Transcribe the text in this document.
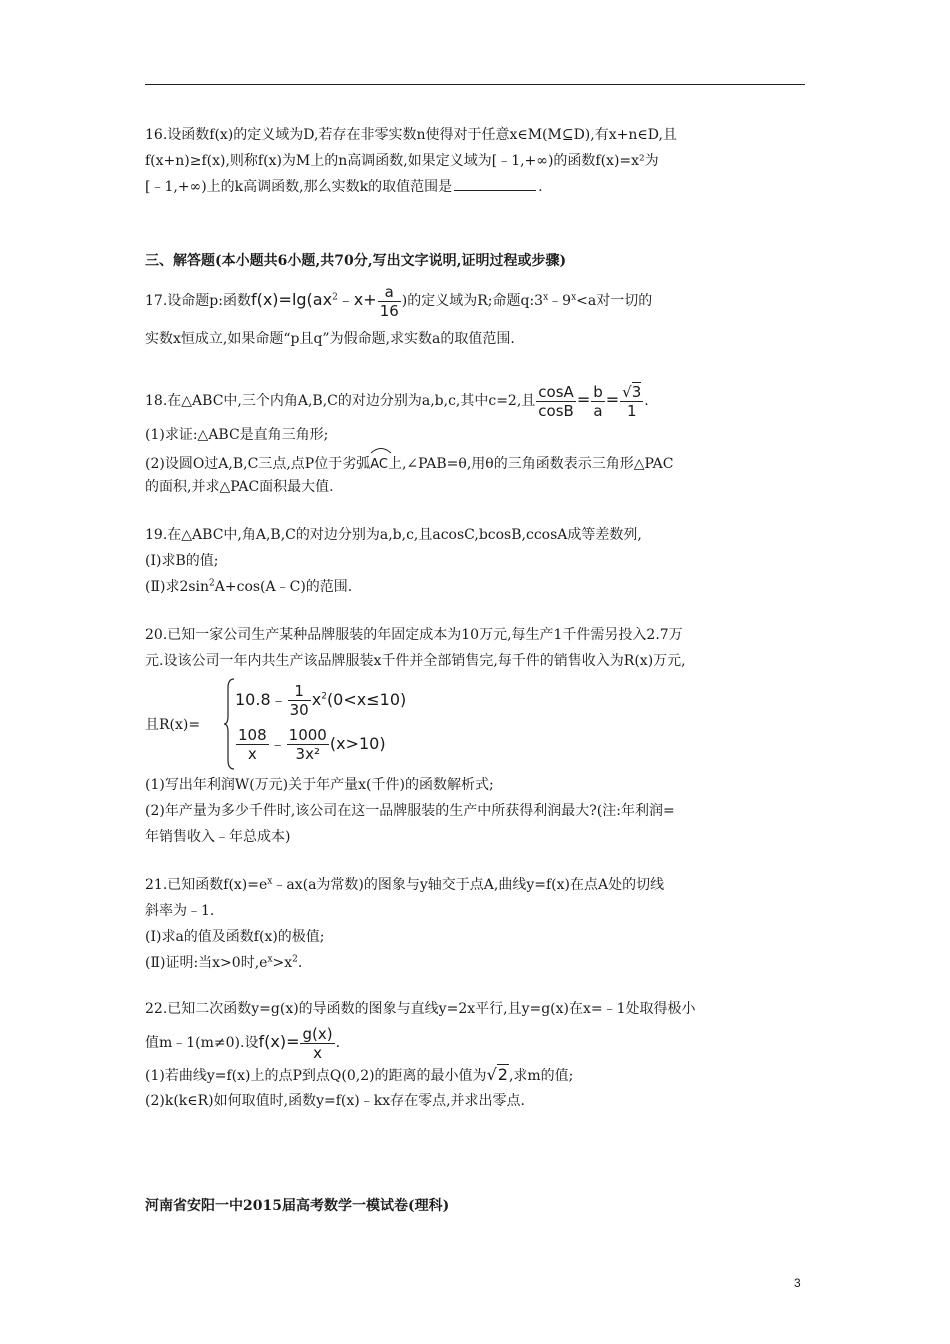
16.设函数f(x)的定义域为D,若存在非零实数n使得对于任意x∈M(M⊆D),有x+n∈D,且
f(x+n)≥f(x),则称f(x)为M上的n高调函数,如果定义域为[﹣1,+∞)的函数f(x)=x²为
[﹣1,+∞)上的k高调函数,那么实数k的取值范围是	.
三、解答题(本小题共6小题,共70分,写出文字说明,证明过程或步骤)
17.设命题p:函数$f(x)=\lg(ax^2﹣x+ \frac{a}{16}$ )的定义域为R;命题$q:3^x﹣9^x<a$对一切的
实数x恒成立,如果命题“p且q”为假命题,求实数a的取值范围.
18.在△ABC中,三个内角A,B,C的对边分别为a,b,c,其中c=2,且 $\frac{\cos A}{\cos B} = \frac{b}{a} = \frac{√3}{1}$ .
(1)求证:△ABC是直角三角形;
(2)设圆O过A,B,C三点,点P位于劣弧
AC上,∠PAB=θ,用θ的三角函数表示三角形△PAC
的面积,并求△PAC面积最大值.
19.在△ABC中,角A,B,C的对边分别为a,b,c,且acosC,bcosB,ccosA成等差数列,
(Ⅰ)求B的值;
(Ⅱ)求$2\sin^2A+\cos(A﹣C)$的范围.
20.已知一家公司生产某种品牌服装的年固定成本为10万元,每生产1千件需另投入2.7万
元.设该公司一年内共生产该品牌服装x千件并全部销售完,每千件的销售收入为R(x)万元,
且R(x)=
10.8﹣ $\frac{1}{30} x^2(0<x\le 10)$
$\frac{108}{x}$ ﹣ $\frac{1000}{\text{3x²}} (x>10)$
(1)写出年利润W(万元)关于年产量x(千件)的函数解析式;
(2)年产量为多少千件时,该公司在这一品牌服装的生产中所获得利润最大?(注:年利润=
年销售收入﹣年总成本)
21.已知函数$f(x)=e^x﹣ax(a$为常数)的图象与y轴交于点A,曲线y=f(x)在点A处的切线
斜率为﹣1.
(Ⅰ)求a的值及函数f(x)的极值;
(Ⅱ)证明:当x>0时$,e^x>x^2$.
22.已知二次函数y=g(x)的导函数的图象与直线y=2x平行,且y=g(x)在x=﹣1处取得极小
值m﹣1(m≠0).设$f(x)= \frac{g(x)}{x}$ .
(1)若曲线y=f(x)上的点P到点Q(0,2)的距离的最小值为√2,求m的值;
(2)k(k∈R)如何取值时,函数y=f(x)﹣kx存在零点,并求出零点.
河南省安阳一中2015届高考数学一模试卷(理科)
3
